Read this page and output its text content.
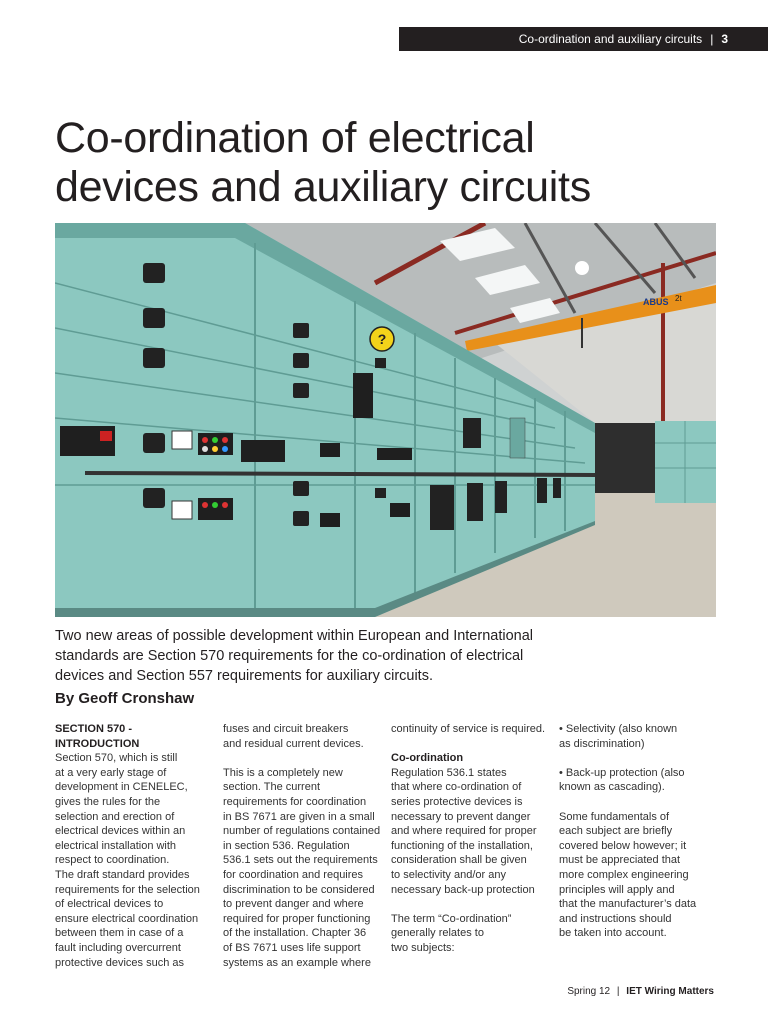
Co-ordination and auxiliary circuits | 3
Co-ordination of electrical
devices and auxiliary circuits
ABUS 2t
?

Two new areas of possible development within European and International
standards are Section 570 requirements for the co-ordination of electrical
devices and Section 557 requirements for auxiliary circuits.

By Geoff Cronshaw

SECTION 570 -
INTRODUCTION

Section 570, which is still
at a very early stage of
development in CENELEC,
gives the rules for the
selection and erection of
electrical devices within an
electrical installation with
respect to coordination.
The draft standard provides
requirements for the selection
of electrical devices to
ensure electrical coordination
between them in case of a
fault including overcurrent
protective devices such as

fuses and circuit breakers
and residual current devices.

This is a completely new
section. The current
requirements for coordination
in BS 7671 are given in a small
number of regulations contained
in section 536. Regulation
536.1 sets out the requirements
for coordination and requires
discrimination to be considered
to prevent danger and where
required for proper functioning
of the installation. Chapter 36
of BS 7671 uses life support
systems as an example where

continuity of service is required.

Co-ordination

Regulation 536.1 states
that where co-ordination of
series protective devices is
necessary to prevent danger
and where required for proper
functioning of the installation,
consideration shall be given
to selectivity and/or any
necessary back-up protection

The term “Co-ordination”
generally relates to
two subjects:

• Selectivity (also known
as discrimination)

• Back-up protection (also
known as cascading).

Some fundamentals of
each subject are briefly
covered below however; it
must be appreciated that
more complex engineering
principles will apply and
that the manufacturer’s data
and instructions should
be taken into account.

Spring 12 | IET Wiring Matters
